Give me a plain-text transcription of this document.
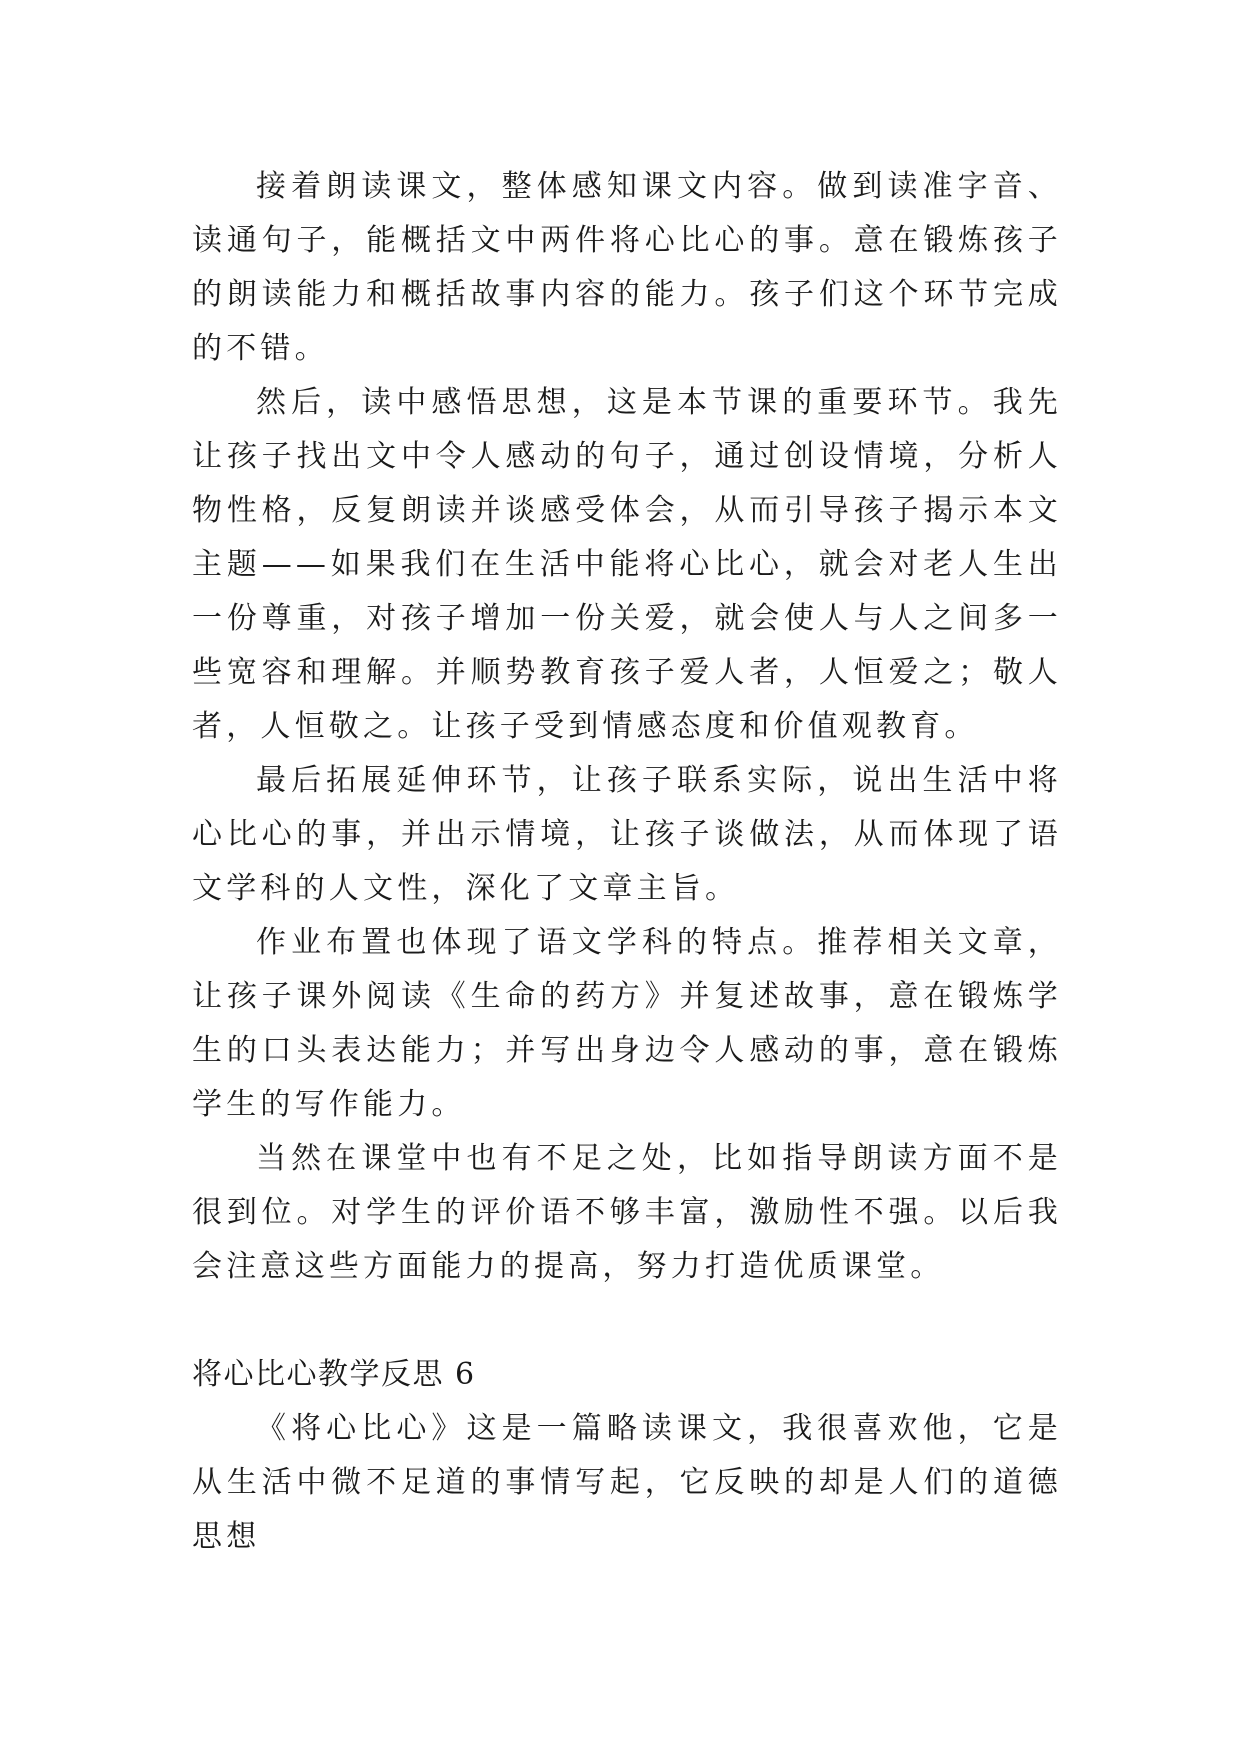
接着朗读课文，整体感知课文内容。做到读准字音、读通句子，能概括文中两件将心比心的事。意在锻炼孩子的朗读能力和概括故事内容的能力。孩子们这个环节完成的不错。

然后，读中感悟思想，这是本节课的重要环节。我先让孩子找出文中令人感动的句子，通过创设情境，分析人物性格，反复朗读并谈感受体会，从而引导孩子揭示本文主题——如果我们在生活中能将心比心，就会对老人生出一份尊重，对孩子增加一份关爱，就会使人与人之间多一些宽容和理解。并顺势教育孩子爱人者，人恒爱之；敬人者，人恒敬之。让孩子受到情感态度和价值观教育。

最后拓展延伸环节，让孩子联系实际，说出生活中将心比心的事，并出示情境，让孩子谈做法，从而体现了语文学科的人文性，深化了文章主旨。

作业布置也体现了语文学科的特点。推荐相关文章，让孩子课外阅读《生命的药方》并复述故事，意在锻炼学生的口头表达能力；并写出身边令人感动的事，意在锻炼学生的写作能力。

当然在课堂中也有不足之处，比如指导朗读方面不是很到位。对学生的评价语不够丰富，激励性不强。以后我会注意这些方面能力的提高，努力打造优质课堂。

将心比心教学反思 6

《将心比心》这是一篇略读课文，我很喜欢他，它是从生活中微不足道的事情写起，它反映的却是人们的道德思想
